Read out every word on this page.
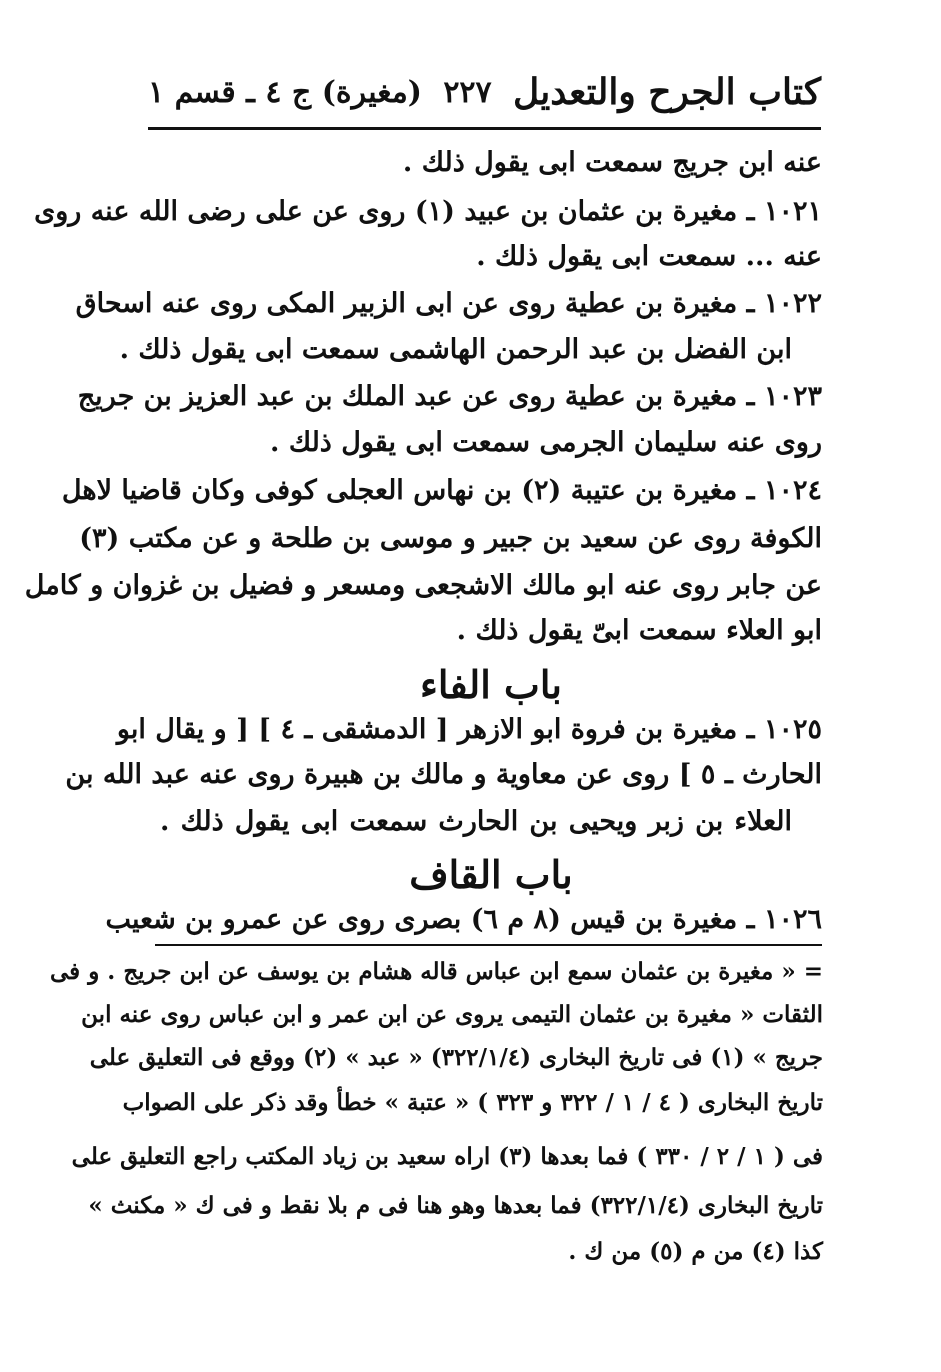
كتاب الجرح والتعديل
٢٢٧
(مغيرة) ج ٤ ـ قسم ١
عنه ابن جريج سمعت ابى يقول ذلك .
١٠٢١ ـ مغيرة بن عثمان بن عبيد (١) روى عن على رضى الله عنه روى
عنه ... سمعت ابى يقول ذلك .
١٠٢٢ ـ مغيرة بن عطية روى عن ابى الزبير المكى روى عنه اسحاق
ابن الفضل بن عبد الرحمن الهاشمى سمعت ابى يقول ذلك .
١٠٢٣ ـ مغيرة بن عطية روى عن عبد الملك بن عبد العزيز بن جريج
روى عنه سليمان الجرمى سمعت ابى يقول ذلك .
١٠٢٤ ـ مغيرة بن عتيبة (٢) بن نهاس العجلى كوفى وكان قاضيا لاهل
الكوفة روى عن سعيد بن جبير و موسى بن طلحة و عن مكتب (٣)
عن جابر روى عنه ابو مالك الاشجعى ومسعر و فضيل بن غزوان و كامل
ابو العلاء سمعت ابىّ يقول ذلك .
باب الفاء
١٠٢٥ ـ مغيرة بن فروة ابو الازهر [ الدمشقى ـ ٤ ] [ و يقال ابو
الحارث ـ ٥ ] روى عن معاوية و مالك بن هبيرة روى عنه عبد الله بن
العلاء بن زبر ويحيى بن الحارث سمعت ابى يقول ذلك .
باب القاف
١٠٢٦ ـ مغيرة بن قيس (٨ م ٦) بصرى روى عن عمرو بن شعيب
= « مغيرة بن عثمان سمع ابن عباس قاله هشام بن يوسف عن ابن جريج . و فى
الثقات « مغيرة بن عثمان التيمى يروى عن ابن عمر و ابن عباس روى عنه ابن
جريج » (١) فى تاريخ البخارى (٣٢٢/١/٤) « عبد » (٢) ووقع فى التعليق على
تاريخ البخارى ( ٤ / ١ / ٣٢٢ و ٣٢٣ ) « عتبة » خطأ وقد ذكر على الصواب
فى ( ١ / ٢ / ٣٣٠ ) فما بعدها (٣) اراه سعيد بن زياد المكتب راجع التعليق على
تاريخ البخارى (٣٢٢/١/٤) فما بعدها وهو هنا فى م بلا نقط و فى ك « مكنث »
كذا (٤) من م (٥) من ك .
